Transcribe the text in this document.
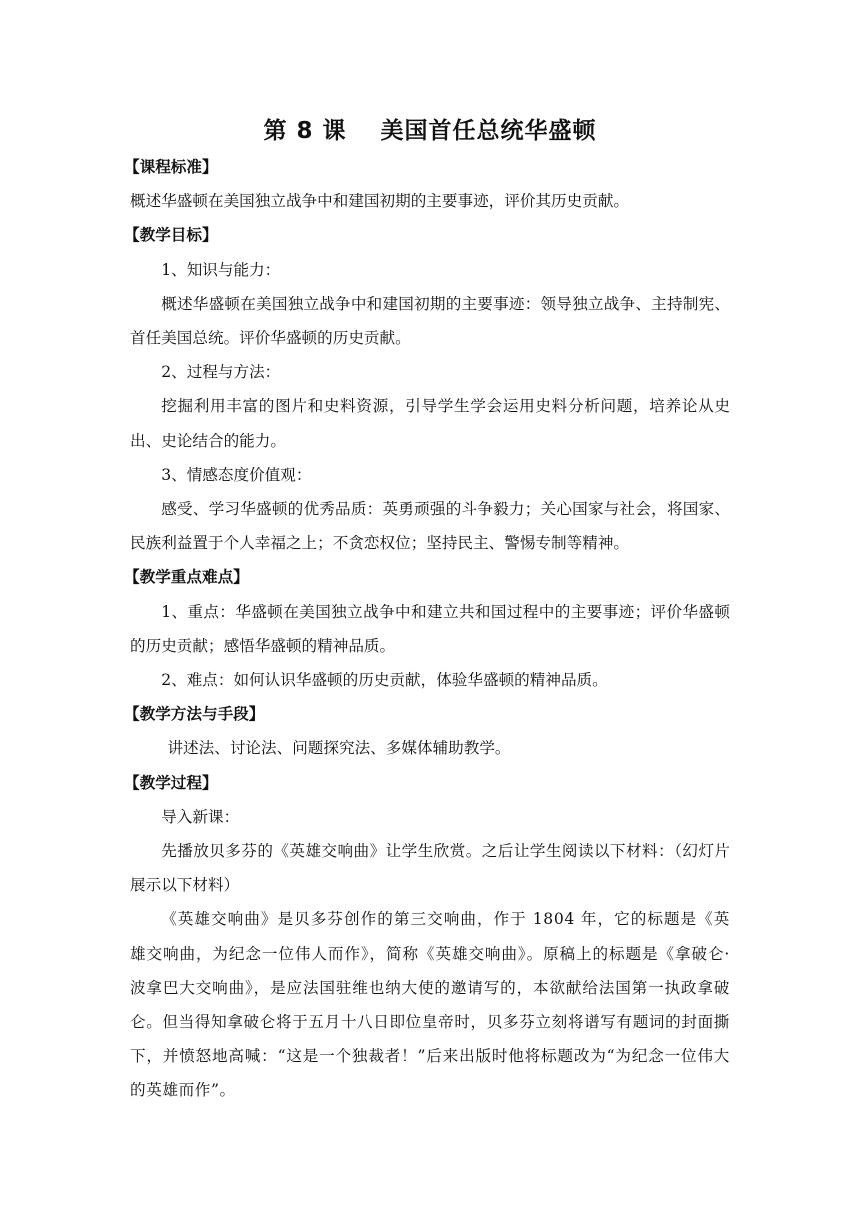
第 8 课 美国首任总统华盛顿

【课程标准】

概述华盛顿在美国独立战争中和建国初期的主要事迹，评价其历史贡献。

【教学目标】

1、知识与能力：

概述华盛顿在美国独立战争中和建国初期的主要事迹：领导独立战争、主持制宪、首任美国总统。评价华盛顿的历史贡献。

2、过程与方法：

挖掘利用丰富的图片和史料资源，引导学生学会运用史料分析问题，培养论从史出、史论结合的能力。

3、情感态度价值观：

感受、学习华盛顿的优秀品质：英勇顽强的斗争毅力；关心国家与社会，将国家、民族利益置于个人幸福之上；不贪恋权位；坚持民主、警惕专制等精神。

【教学重点难点】

1、重点：华盛顿在美国独立战争中和建立共和国过程中的主要事迹；评价华盛顿的历史贡献；感悟华盛顿的精神品质。

2、难点：如何认识华盛顿的历史贡献，体验华盛顿的精神品质。

【教学方法与手段】

讲述法、讨论法、问题探究法、多媒体辅助教学。

【教学过程】

导入新课：

先播放贝多芬的《英雄交响曲》让学生欣赏。之后让学生阅读以下材料：（幻灯片展示以下材料）

《英雄交响曲》是贝多芬创作的第三交响曲，作于 1804 年，它的标题是《英雄交响曲，为纪念一位伟人而作》，简称《英雄交响曲》。原稿上的标题是《拿破仑·波拿巴大交响曲》，是应法国驻维也纳大使的邀请写的，本欲献给法国第一执政拿破仑。但当得知拿破仑将于五月十八日即位皇帝时，贝多芬立刻将谱写有题词的封面撕下，并愤怒地高喊：“这是一个独裁者！”后来出版时他将标题改为“为纪念一位伟大的英雄而作”。
